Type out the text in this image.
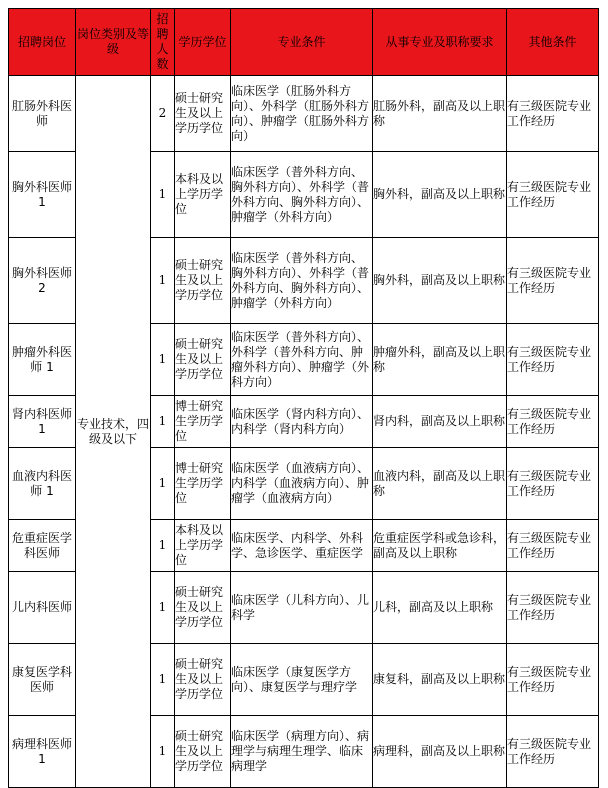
招聘岗位	岗位类别及等级	招聘人数	学历学位	专业条件	从事专业及职称要求	其他条件
肛肠外科医师	专业技术，四级及以下	2	硕士研究生及以上学历学位	临床医学（肛肠外科方向）、外科学（肛肠外科方向）、肿瘤学（肛肠外科方向）	肛肠外科，副高及以上职称	有三级医院专业工作经历
胸外科医师 1		1	本科及以上学历学位	临床医学（普外科方向、胸外科方向）、外科学（普外科方向、胸外科方向）、肿瘤学（外科方向）	胸外科，副高及以上职称	有三级医院专业工作经历
胸外科医师 2		1	硕士研究生及以上学历学位	临床医学（普外科方向、胸外科方向）、外科学（普外科方向、胸外科方向）、肿瘤学（外科方向）	胸外科，副高及以上职称	有三级医院专业工作经历
肿瘤外科医师 1		1	硕士研究生及以上学历学位	临床医学（普外科方向）、外科学（普外科方向、肿瘤外科方向）、肿瘤学（外科方向）	肿瘤外科，副高及以上职称	有三级医院专业工作经历
肾内科医师 1		1	博士研究生学历学位	临床医学（肾内科方向）、内科学（肾内科方向）	肾内科，副高及以上职称	有三级医院专业工作经历
血液内科医师 1		1	博士研究生学历学位	临床医学（血液病方向）、内科学（血液病方向）、肿瘤学（血液病方向）	血液内科，副高及以上职称	有三级医院专业工作经历
危重症医学科医师		1	本科及以上学历学位	临床医学、内科学、外科学、急诊医学、重症医学	危重症医学科或急诊科，副高及以上职称	有三级医院专业工作经历
儿内科医师		1	硕士研究生及以上学历学位	临床医学（儿科方向）、儿科学	儿科，副高及以上职称	有三级医院专业工作经历
康复医学科医师		1	硕士研究生及以上学历学位	临床医学（康复医学方向）、康复医学与理疗学	康复科，副高及以上职称	有三级医院专业工作经历
病理科医师 1		1	硕士研究生及以上学历学位	临床医学（病理方向）、病理学与病理生理学、临床病理学	病理科，副高及以上职称	有三级医院专业工作经历
